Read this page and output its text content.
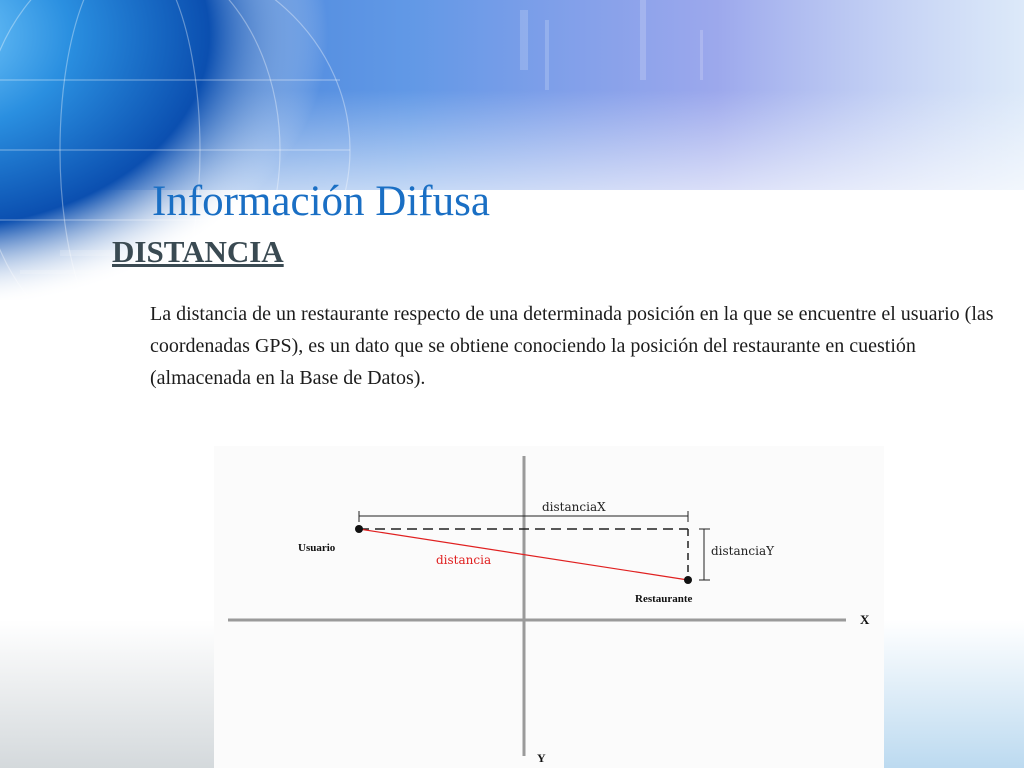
Información Difusa
DISTANCIA
La distancia de un restaurante respecto de una determinada posición en la que se encuentre el usuario (las coordenadas GPS), es un dato que se obtiene conociendo la posición del restaurante en cuestión (almacenada en la Base de Datos).
X
Y
distanciaX
distanciaY
distancia
Usuario
Restaurante
